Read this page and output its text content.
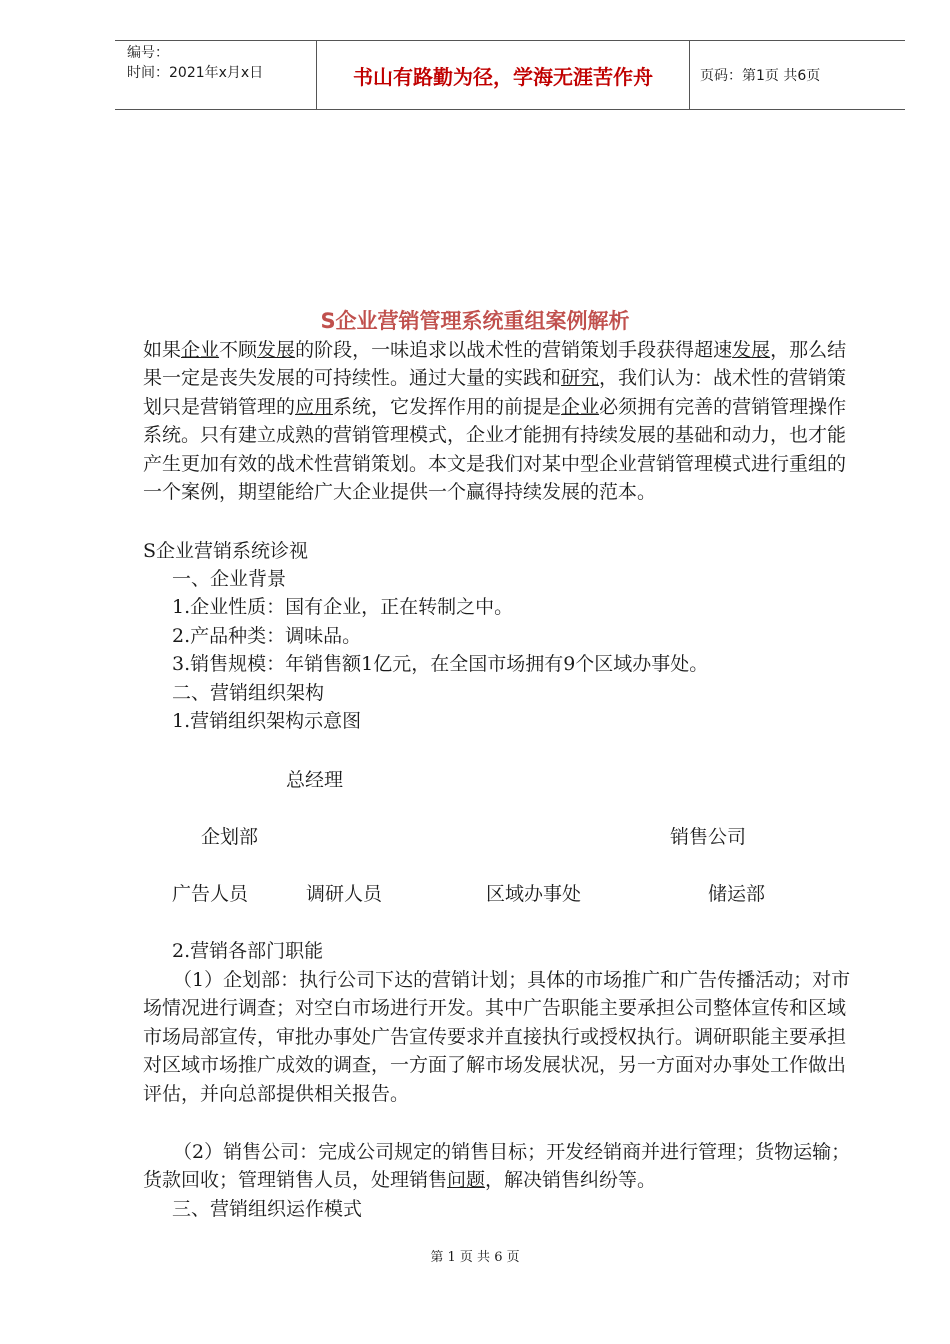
编号：
时间：2021年x月x日	书山有路勤为径，学海无涯苦作舟	页码：第1页 共6页
S企业营销管理系统重组案例解析
如果企业不顾发展的阶段，一味追求以战术性的营销策划手段获得超速发展，那么结果一定是丧失发展的可持续性。通过大量的实践和研究，我们认为：战术性的营销策划只是营销管理的应用系统，它发挥作用的前提是企业必须拥有完善的营销管理操作系统。只有建立成熟的营销管理模式，企业才能拥有持续发展的基础和动力，也才能产生更加有效的战术性营销策划。本文是我们对某中型企业营销管理模式进行重组的一个案例，期望能给广大企业提供一个赢得持续发展的范本。
S企业营销系统诊视
一、企业背景
1.企业性质：国有企业，正在转制之中。
2.产品种类：调味品。
3.销售规模：年销售额1亿元，在全国市场拥有9个区域办事处。
二、营销组织架构
1.营销组织架构示意图
总经理
企划部	销售公司
广告人员	调研人员	区域办事处	储运部
2.营销各部门职能
（1）企划部：执行公司下达的营销计划；具体的市场推广和广告传播活动；对市场情况进行调查；对空白市场进行开发。其中广告职能主要承担公司整体宣传和区域市场局部宣传，审批办事处广告宣传要求并直接执行或授权执行。调研职能主要承担对区域市场推广成效的调查，一方面了解市场发展状况，另一方面对办事处工作做出评估，并向总部提供相关报告。
（2）销售公司：完成公司规定的销售目标；开发经销商并进行管理；货物运输；货款回收；管理销售人员，处理销售问题，解决销售纠纷等。
三、营销组织运作模式
第 1 页 共 6 页
